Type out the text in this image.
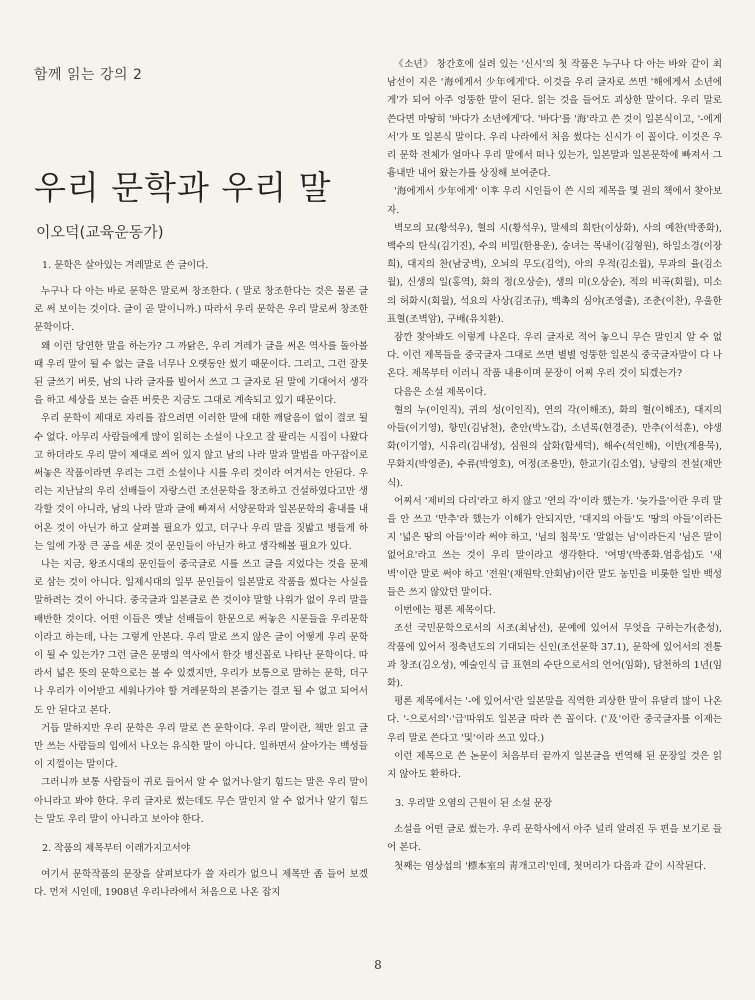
함께 읽는 강의 2
우리 문학과 우리 말
이오덕(교육운동가)
1. 문학은 살아있는 겨레말로 쓴 글이다.

누구나 다 아는 바로 문학은 말로써 창조한다. ( 말로 창조한다는 것은 물론 글로 써 보이는 것이다. 글이 곧 말이니까.) 따라서 우리 문학은 우리 말로써 창조한 문학이다.

왜 이런 당연한 말을 하는가? 그 까닭은, 우리 겨레가 글을 써온 역사를 돌아볼 때 우리 말이 될 수 없는 글을 너무나 오랫동안 썼기 때문이다. 그리고, 그런 잘못된 글쓰기 버릇, 남의 나라 글자를 빌어서 쓰고 그 글자로 된 말에 기대어서 생각을 하고 세상을 보는 슬픈 버릇은 지금도 그대로 계속되고 있기 때문이다.

우리 문학이 제대로 자리를 잡으려면 이러한 말에 대한 깨달음이 없이 결코 될 수 없다. 아무리 사람들에게 많이 읽히는 소설이 나오고 잘 팔리는 시집이 나왔다고 하더라도 우리 말이 제대로 씌어 있지 않고 남의 나라 말과 말법을 마구잡이로 써놓은 작품이라면 우리는 그런 소설이나 시를 우리 것이라 여겨서는 안된다. 우리는 지난날의 우리 선배들이 자랑스런 조선문학을 창조하고 건설하였다고만 생각할 것이 아니라, 남의 나라 말과 글에 빠져서 서양문학과 일본문학의 흉내를 내어온 것이 아닌가 하고 살펴볼 필요가 있고, 더구나 우리 말을 짓밟고 병들게 하는 일에 가장 큰 공을 세운 것이 문인들이 아닌가 하고 생각해볼 필요가 있다.

나는 지금, 왕조시대의 문인들이 중국글로 시를 쓰고 글을 지었다는 것을 문제로 삼는 것이 아니다. 일제시대의 일부 문인들이 일본말로 작품을 썼다는 사실을 말하려는 것이 아니다. 중국글과 일본글로 쓴 것이야 말할 나위가 없이 우리 말을 배반한 것이다. 어떤 이들은 옛날 선배들이 한문으로 써놓은 시문들을 우리문학이라고 하는데, 나는 그렇게 안본다. 우리 말로 쓰지 않은 글이 어떻게 우리 문학이 될 수 있는가? 그런 글은 문명의 역사에서 한갓 병신꼴로 나타난 문학이다. 따라서 넓은 뜻의 문학으로는 볼 수 있겠지만, 우리가 보통으로 말하는 문학, 더구나 우리가 이어받고 세워나가야 할 겨레문학의 본줄기는 결코 될 수 없고 되어서도 안 된다고 본다.

거듭 말하지만 우리 문학은 우리 말로 쓴 문학이다. 우리 말이란, 책만 읽고 글만 쓰는 사람들의 입에서 나오는 유식한 말이 아니다. 일하면서 살아가는 백성들이 지껄이는 말이다.

그러니까 보통 사람들이 귀로 들어서 알 수 없거나·알기 힘드는 말은 우리 말이 아니라고 봐야 한다. 우리 글자로 썼는데도 무슨 말인지 알 수 없거나 알기 힘드는 말도 우리 말이 아니라고 보아야 한다.

2. 작품의 제목부터 이래가지고서야

여기서 문학작품의 문장을 살펴보다가 쓸 자리가 없으니 제목만 좀 들어 보겠다. 먼저 시인데, 1908년 우리나라에서 처음으로 나온 잡지

《소년》 창간호에 실려 있는 '신시'의 첫 작품은 누구나 다 아는 바와 같이 최남선이 지은 '海에게서 少年에게'다. 이것을 우리 글자로 쓰면 '해에게서 소년에게'가 되어 아주 엉뚱한 말이 된다. 읽는 것을 들어도 괴상한 말이다. 우리 말로 쓴다면 마땅히 '바다가 소년에게'다. '바다'를 '海'라고 쓴 것이 일본식이고, '-에게서'가 또 일본식 말이다. 우리 나라에서 처음 썼다는 신시가 이 꼴이다. 이것은 우리 문학 전체가 얼마나 우리 말에서 떠나 있는가, 일본말과 일본문학에 빠져서 그 흉내만 내어 왔는가를 상징해 보여준다.

'海에게서 少年에게' 이후 우리 시인들이 쓴 시의 제목을 몇 권의 책에서 찾아보자.

벽모의 묘(황석우), 혈의 시(황석우), 말세의 희탄(이상화), 사의 예찬(박종화), 백수의 탄식(김기진), 수의 비밀(한용운), 숭녀는 목내이(김형원), 하일소경(이장희), 대지의 찬(남궁벽), 오뇌의 무도(김억), 아의 우적(김소월), 무과의 율(김소월), 신생의 일(홍역), 화의 정(오상순), 생의 미(오상순), 적의 비곡(회월), 미소의 허화시(회월), 석요의 사상(김조규), 백촉의 심야(조영출), 조춘(이찬), 우울한 표혈(조벽암), 구배(유치환).

잠깐 찾아봐도 이렇게 나온다. 우리 글자로 적어 놓으니 무슨 말인지 알 수 없다. 이런 제목들을 중국글자 그대로 쓰면 별별 엉뚱한 일본식 중국글자말이 다 나온다. 제목부터 이러니 작품 내용이며 문장이 어찌 우리 것이 되겠는가?

다음은 소설 제목이다.

혈의 누(이인직), 귀의 성(이인직), 연의 각(이해조), 화의 혈(이해조), 대지의 아들(이기영), 항민(김남천), 춘안(박노갑), 소년록(현경준), 만추(이석훈), 야생화(이기영), 시유리(김내성), 심원의 삽화(함세덕), 해수(석인해), 이반(계용묵), 무화지(박영준), 수류(박영호), 여정(조용만), 한교기(김소엽), 낭랑의 전설(채만식).

어찌서 '제비의 다리'라고 하지 않고 '연의 각'이라 했는가. '늦가을'이란 우리 말을 안 쓰고 '만추'라 했는가 이해가 안되지만, '대지의 아들'도 '땅의 아들'이라든지 '넓은 땅의 아들'이라 써야 하고, '님의 침묵'도 '말없는 님'이라든지 '님은 말이 없어요'라고 쓰는 것이 우리 말이라고 생각한다. '여명'(박종화.엄흥섭)도 '새벽'이란 말로 써야 하고 '전원'(채원탁.안회남)이란 말도 농민을 비롯한 일반 백성들은 쓰지 않았던 말이다.

이번에는 평론 제목이다.

조선 국민문학으로서의 시조(최남선), 문예에 있어서 무엇을 구하는가(춘성), 작품에 있어서 정축년도의 기대되는 신인(조선문학 37.1), 문학에 있어서의 전통과 창조(김오성), 예술인식 급 표현의 수단으로서의 언어(임화), 담천하의 1년(임화).

평론 제목에서는 '-에 있어서'란 일본말을 직역한 괴상한 말이 유달리 많이 나온다. '-으로서의'·'급'따위도 일본글 따라 쓴 꼴이다. ('及'이란 중국글자를 이제는 우리 말로 쓴다고 '및'이라 쓰고 있다.)

이런 제목으로 쓴 논문이 처음부터 끝까지 일본글을 번역해 된 문장일 것은 읽지 않아도 환하다.

3. 우리말 오염의 근원이 된 소설 문장

소설을 어떤 글로 썼는가. 우리 문학사에서 아주 널리 알려진 두 편을 보기로 들어 본다.

첫째는 염상섭의 '標本室의 靑개고리'인데, 첫머리가 다음과 같이 시작된다.

8
